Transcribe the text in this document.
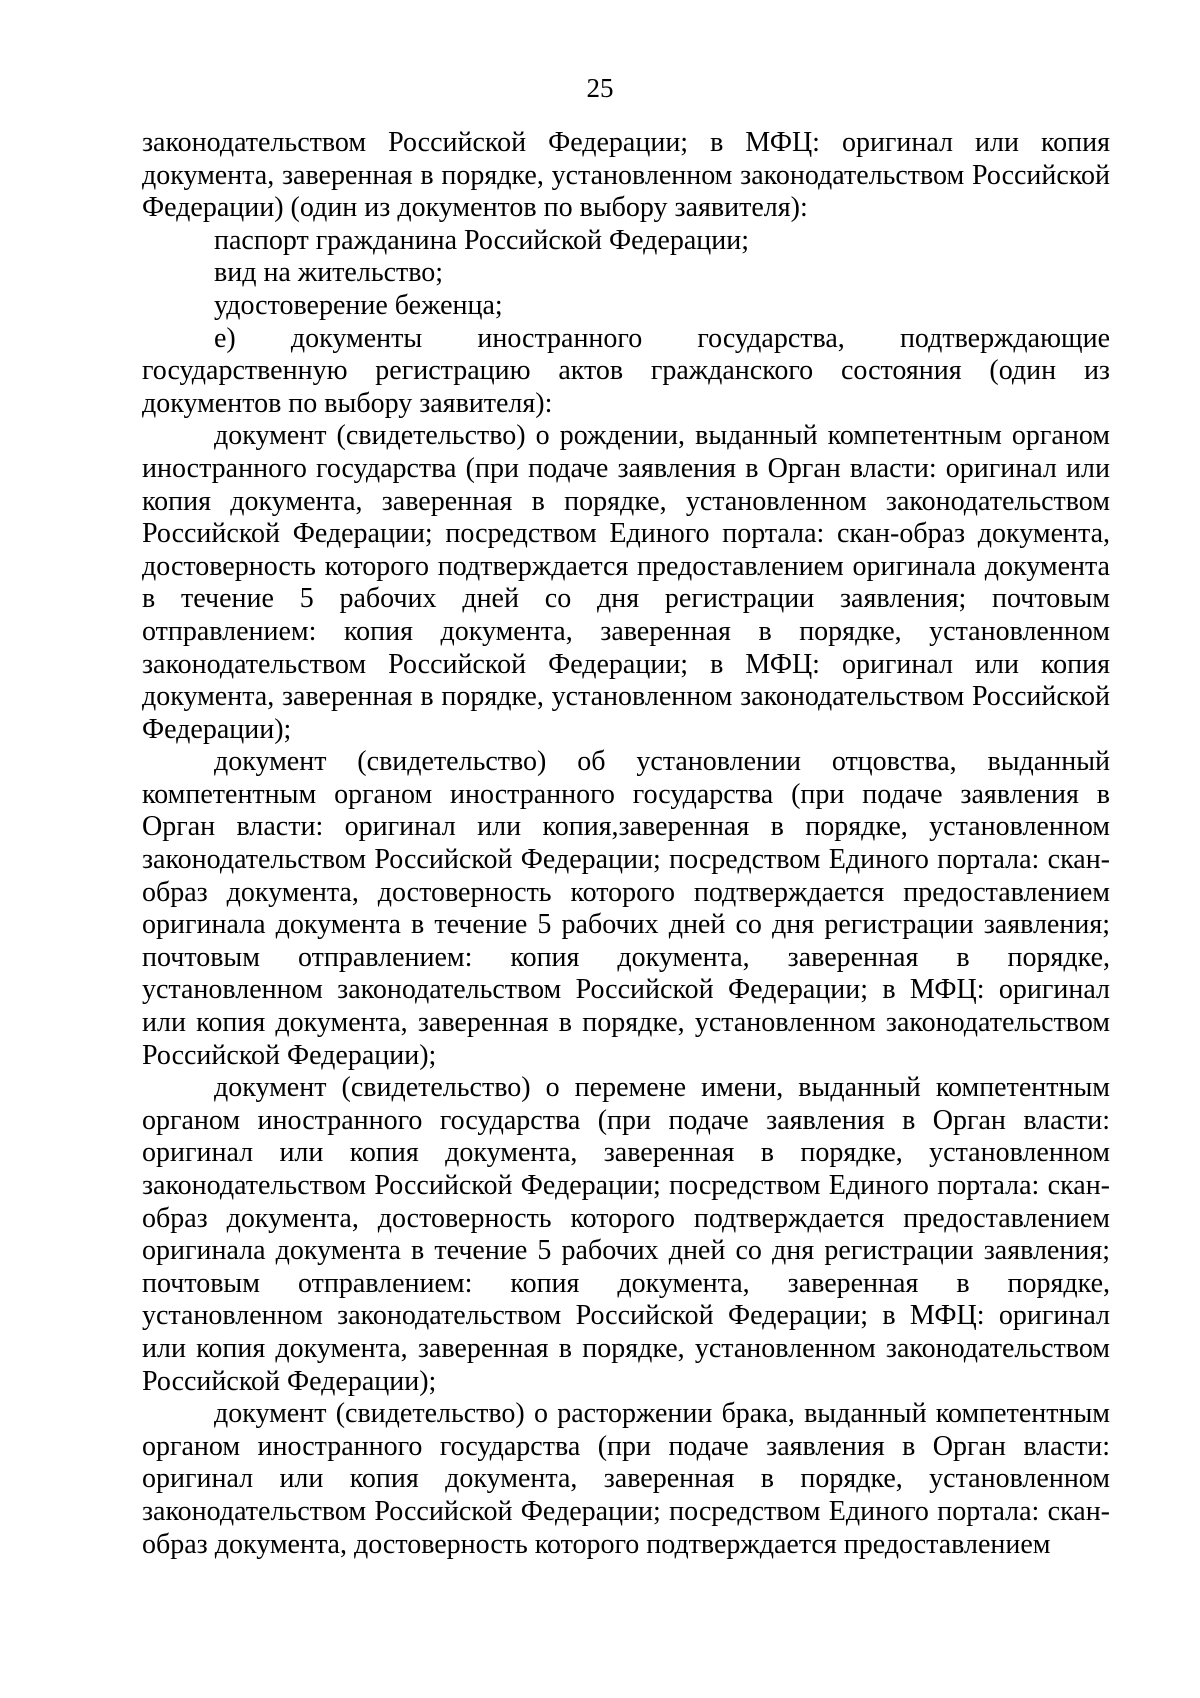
25

законодательством Российской Федерации; в МФЦ: оригинал или копия документа, заверенная в порядке, установленном законодательством Российской Федерации) (один из документов по выбору заявителя):

паспорт гражданина Российской Федерации;

вид на жительство;

удостоверение беженца;

е) документы иностранного государства, подтверждающие государственную регистрацию актов гражданского состояния (один из документов по выбору заявителя):

документ (свидетельство) о рождении, выданный компетентным органом иностранного государства (при подаче заявления в Орган власти: оригинал или копия документа, заверенная в порядке, установленном законодательством Российской Федерации; посредством Единого портала: скан-образ документа, достоверность которого подтверждается предоставлением оригинала документа в течение 5 рабочих дней со дня регистрации заявления; почтовым отправлением: копия документа, заверенная в порядке, установленном законодательством Российской Федерации; в МФЦ: оригинал или копия документа, заверенная в порядке, установленном законодательством Российской Федерации);

документ (свидетельство) об установлении отцовства, выданный компетентным органом иностранного государства (при подаче заявления в Орган власти: оригинал или копия,заверенная в порядке, установленном законодательством Российской Федерации; посредством Единого портала: скан-образ документа, достоверность которого подтверждается предоставлением оригинала документа в течение 5 рабочих дней со дня регистрации заявления; почтовым отправлением: копия документа, заверенная в порядке, установленном законодательством Российской Федерации; в МФЦ: оригинал или копия документа, заверенная в порядке, установленном законодательством Российской Федерации);

документ (свидетельство) о перемене имени, выданный компетентным органом иностранного государства (при подаче заявления в Орган власти: оригинал или копия документа, заверенная в порядке, установленном законодательством Российской Федерации; посредством Единого портала: скан-образ документа, достоверность которого подтверждается предоставлением оригинала документа в течение 5 рабочих дней со дня регистрации заявления; почтовым отправлением: копия документа, заверенная в порядке, установленном законодательством Российской Федерации; в МФЦ: оригинал или копия документа, заверенная в порядке, установленном законодательством Российской Федерации);

документ (свидетельство) о расторжении брака, выданный компетентным органом иностранного государства (при подаче заявления в Орган власти: оригинал или копия документа, заверенная в порядке, установленном законодательством Российской Федерации; посредством Единого портала: скан-образ документа, достоверность которого подтверждается предоставлением
